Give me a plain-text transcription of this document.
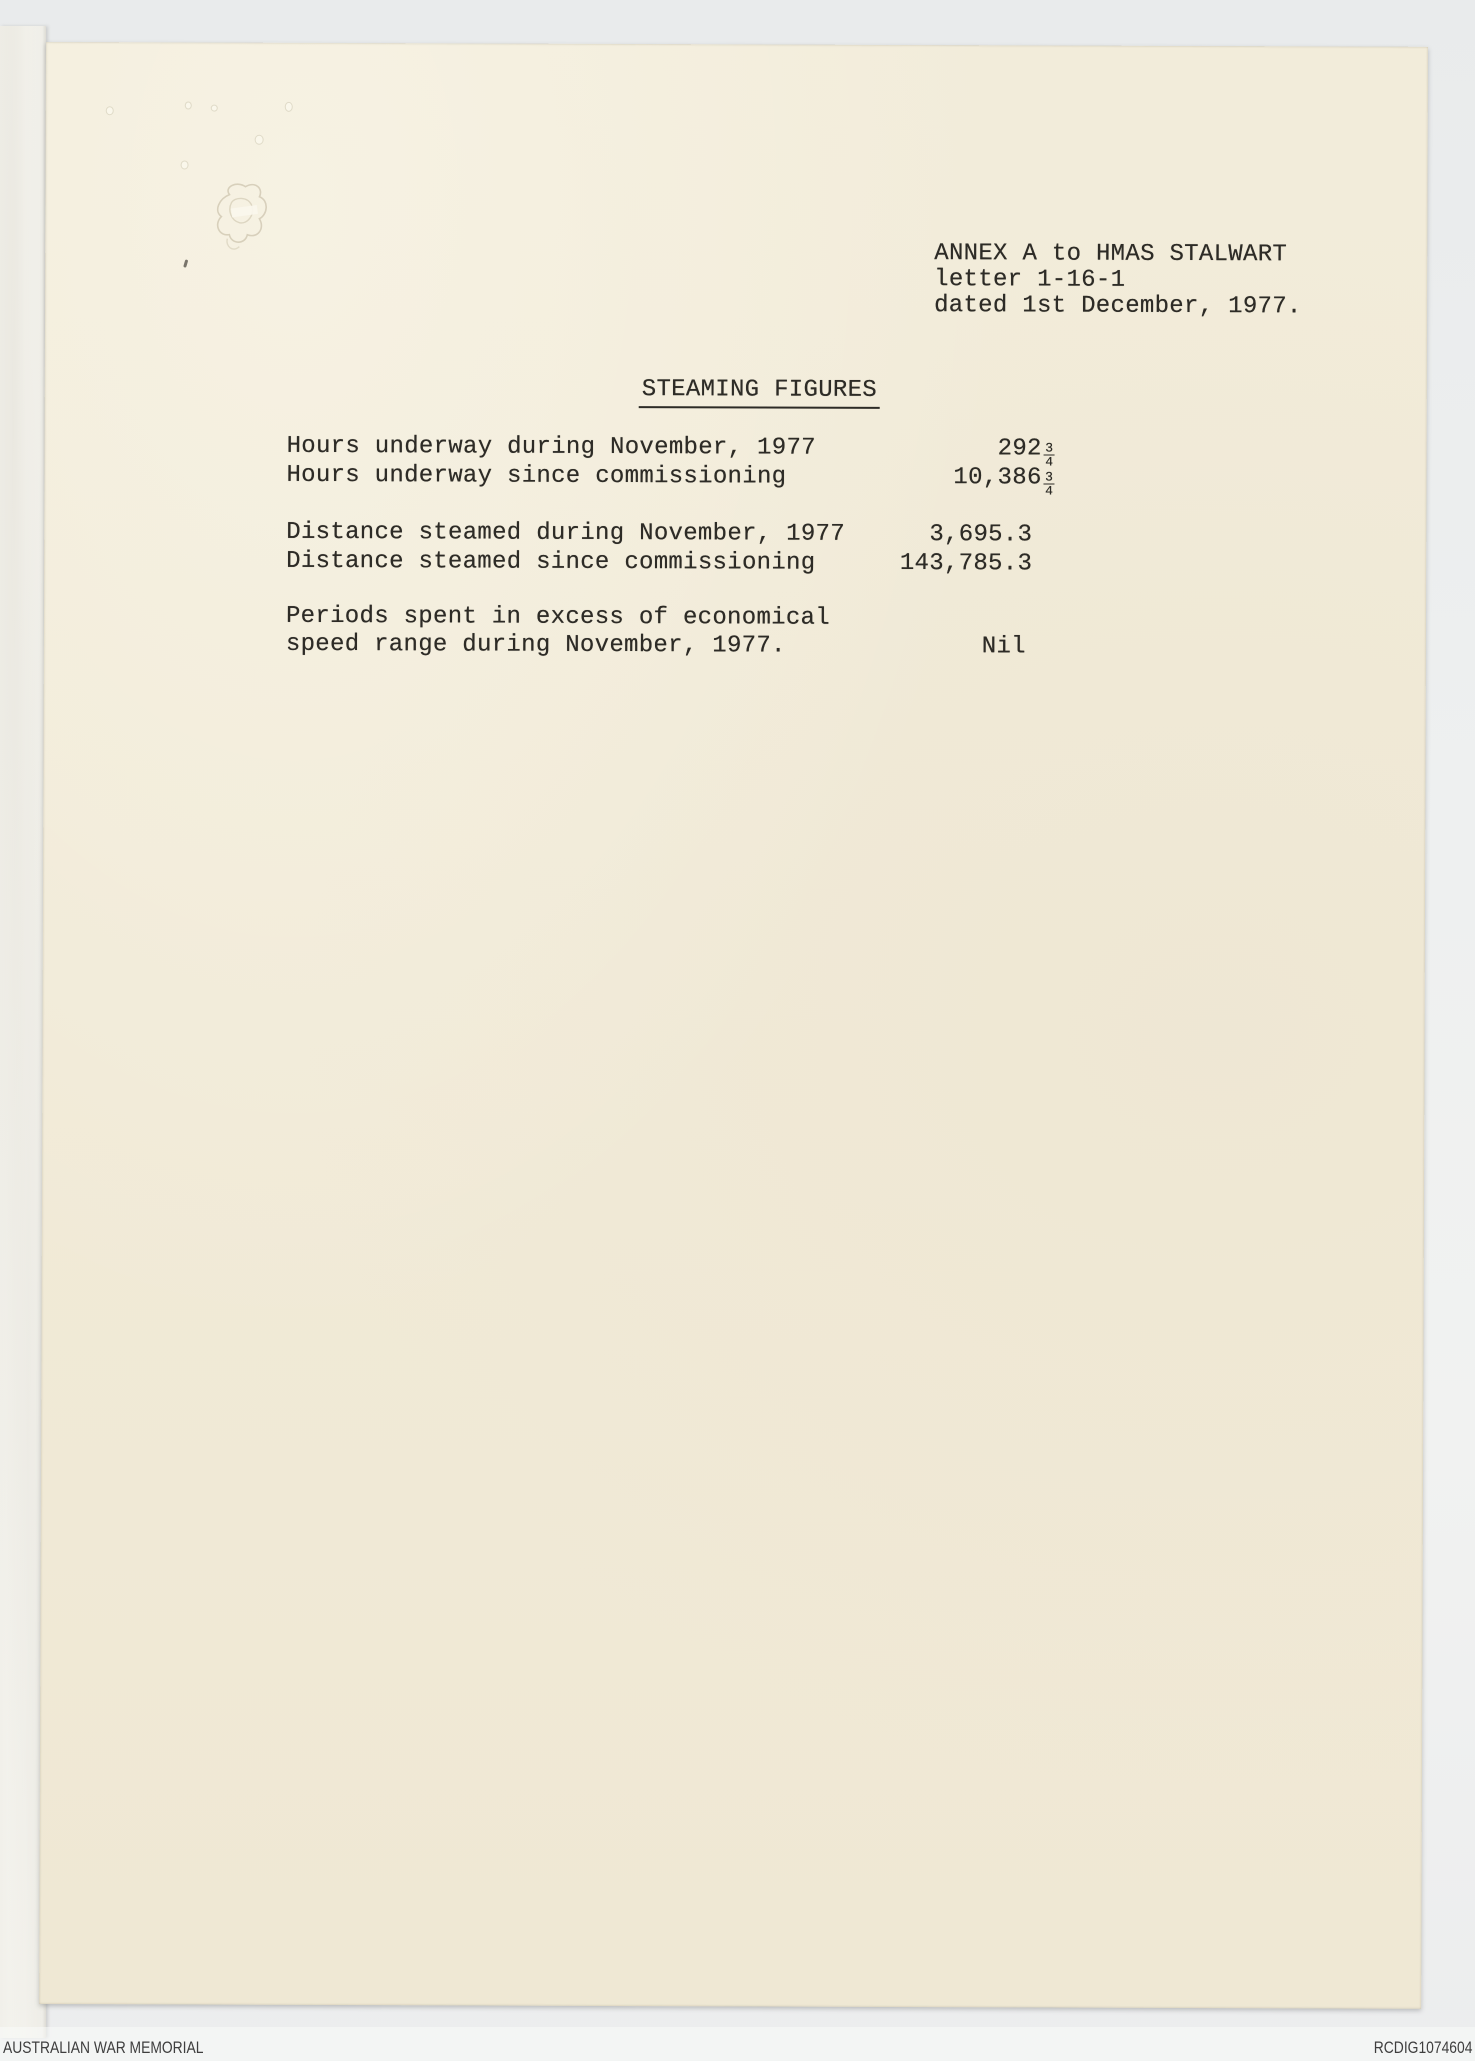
ANNEX A to HMAS STALWART
letter 1-16-1
dated 1st December, 1977.
STEAMING FIGURES
Hours underway during November, 1977	$292 \frac{3}{4}$
Hours underway since commissioning	$10,386 \frac{3}{4}$
Distance steamed during November, 1977	3,695.3
Distance steamed since commissioning	143,785.3
Periods spent in excess of economical
speed range during November, 1977.	Nil
AUSTRALIAN WAR MEMORIAL	RCDIG1074604
